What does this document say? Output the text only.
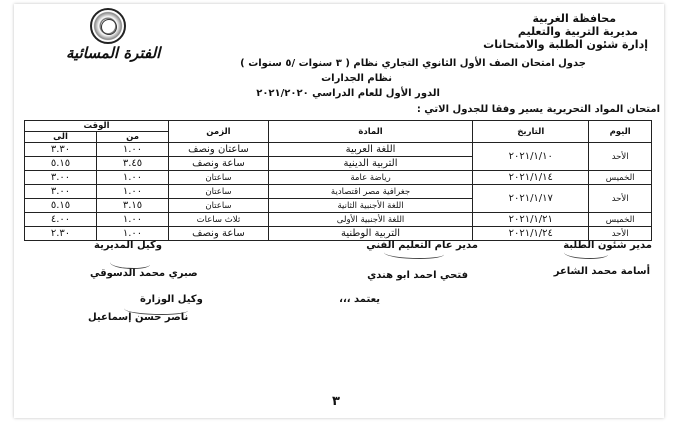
محافظة الغربية
مديرية التربية والتعليم
إدارة شئون الطلبة والامتحانات
الفترة المسائية
جدول امتحان الصف الأول الثانوي التجاري نظام ( ٣ سنوات /٥ سنوات )
نظام الجدارات
الدور الأول للعام الدراسي ٢٠٢١/٢٠٢٠
امتحان المواد التحريرية يسير وفقا للجدول الاتي :
اليوم	التاريخ	المادة	الزمن	الوقت	
				من	الى
الأحد	٢٠٢١/١/١٠	اللغة العربية	ساعتان ونصف	١.٠٠	٣.٣٠
		التربية الدينية	ساعة ونصف	٣.٤٥	٥.١٥
الخميس	٢٠٢١/١/١٤	رياضة عامة	ساعتان	١.٠٠	٣.٠٠
الأحد	٢٠٢١/١/١٧	جغرافية مصر اقتصادية	ساعتان	١.٠٠	٣.٠٠
		اللغة الأجنبية الثانية	ساعتان	٣.١٥	٥.١٥
الخميس	٢٠٢١/١/٢١	اللغة الأجنبية الأولى	ثلاث ساعات	١.٠٠	٤.٠٠
الأحد	٢٠٢١/١/٢٤	التربية الوطنية	ساعة ونصف	١.٠٠	٢.٣٠
مدير شئون الطلبة
أسامة محمد الشاعر
مدير عام التعليم الفني
فتحي احمد ابو هندي
وكيل المديرية
صبري محمد الدسوقي
يعتمد ،،،
وكيل الوزارة
ناصر حسن إسماعيل
٣
